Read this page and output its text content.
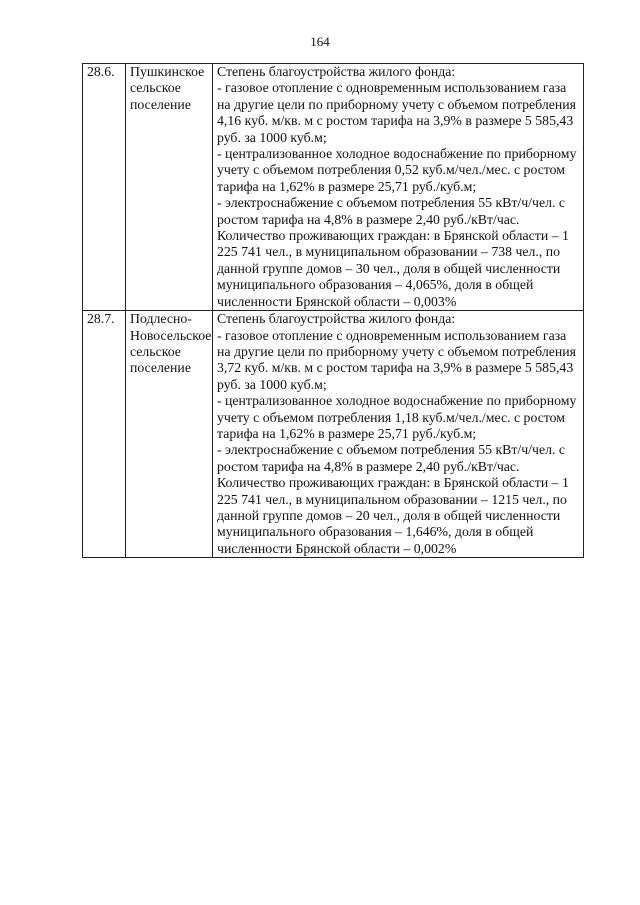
164
28.6.	Пушкинское сельское поселение	Степень благоустройства жилого фонда:

- газовое отопление с одновременным использованием газа на другие цели по приборному учету с объемом потребления 4,16 куб. м/кв. м с ростом тарифа на 3,9% в размере 5 585,43 руб. за 1000 куб.м;

- централизованное холодное водоснабжение по приборному учету с объемом потребления 0,52 куб.м/чел./мес. с ростом тарифа на 1,62% в размере 25,71 руб./куб.м;

- электроснабжение с объемом потребления 55 кВт/ч/чел. с ростом тарифа на 4,8% в размере 2,40 руб./кВт/час.

Количество проживающих граждан: в Брянской области – 1 225 741 чел., в муниципальном образовании – 738 чел., по данной группе домов – 30 чел., доля в общей численности муниципального образования – 4,065%, доля в общей численности Брянской области – 0,003%

28.7.	Подлесно-Новосельское сельское поселение	Степень благоустройства жилого фонда:

- газовое отопление с одновременным использованием газа на другие цели по приборному учету с объемом потребления 3,72 куб. м/кв. м с ростом тарифа на 3,9% в размере 5 585,43 руб. за 1000 куб.м;

- централизованное холодное водоснабжение по приборному учету с объемом потребления 1,18 куб.м/чел./мес. с ростом тарифа на 1,62% в размере 25,71 руб./куб.м;

- электроснабжение с объемом потребления 55 кВт/ч/чел. с ростом тарифа на 4,8% в размере 2,40 руб./кВт/час.

Количество проживающих граждан: в Брянской области – 1 225 741 чел., в муниципальном образовании – 1215 чел., по данной группе домов – 20 чел., доля в общей численности муниципального образования – 1,646%, доля в общей численности Брянской области – 0,002%
